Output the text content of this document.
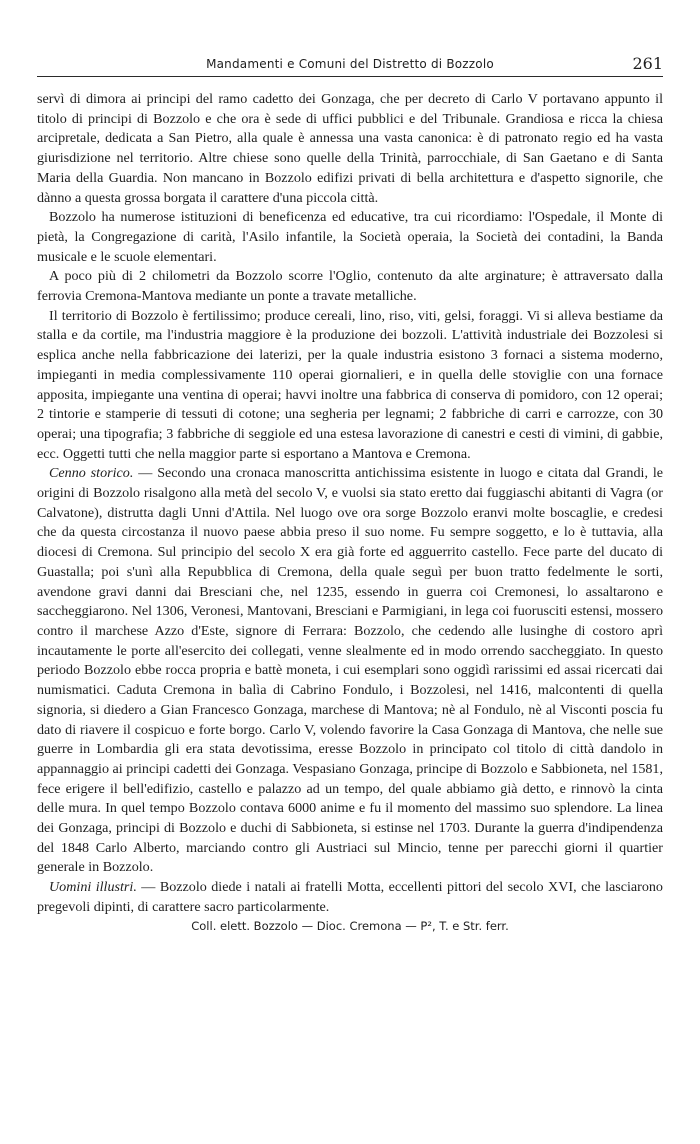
Mandamenti e Comuni del Distretto di Bozzolo	261

servì di dimora ai principi del ramo cadetto dei Gonzaga, che per decreto di Carlo V portavano appunto il titolo di principi di Bozzolo e che ora è sede di uffici pubblici e del Tribunale. Grandiosa e ricca la chiesa arcipretale, dedicata a San Pietro, alla quale è annessa una vasta canonica: è di patronato regio ed ha vasta giurisdizione nel territorio. Altre chiese sono quelle della Trinità, parrocchiale, di San Gaetano e di Santa Maria della Guardia. Non mancano in Bozzolo edifizi privati di bella architettura e d'aspetto signorile, che dànno a questa grossa borgata il carattere d'una piccola città.

Bozzolo ha numerose istituzioni di beneficenza ed educative, tra cui ricordiamo: l'Ospedale, il Monte di pietà, la Congregazione di carità, l'Asilo infantile, la Società operaia, la Società dei contadini, la Banda musicale e le scuole elementari.

A poco più di 2 chilometri da Bozzolo scorre l'Oglio, contenuto da alte arginature; è attraversato dalla ferrovia Cremona-Mantova mediante un ponte a travate metalliche.

Il territorio di Bozzolo è fertilissimo; produce cereali, lino, riso, viti, gelsi, foraggi. Vi si alleva bestiame da stalla e da cortile, ma l'industria maggiore è la produzione dei bozzoli. L'attività industriale dei Bozzolesi si esplica anche nella fabbricazione dei laterizi, per la quale industria esistono 3 fornaci a sistema moderno, impieganti in media complessivamente 110 operai giornalieri, e in quella delle stoviglie con una fornace apposita, impiegante una ventina di operai; havvi inoltre una fabbrica di conserva di pomidoro, con 12 operai; 2 tintorie e stamperie di tessuti di cotone; una segheria per legnami; 2 fabbriche di carri e carrozze, con 30 operai; una tipografia; 3 fabbriche di seggiole ed una estesa lavorazione di canestri e cesti di vimini, di gabbie, ecc. Oggetti tutti che nella maggior parte si esportano a Mantova e Cremona.

Cenno storico. — Secondo una cronaca manoscritta antichissima esistente in luogo e citata dal Grandi, le origini di Bozzolo risalgono alla metà del secolo V, e vuolsi sia stato eretto dai fuggiaschi abitanti di Vagra (or Calvatone), distrutta dagli Unni d'Attila. Nel luogo ove ora sorge Bozzolo eranvi molte boscaglie, e credesi che da questa circostanza il nuovo paese abbia preso il suo nome. Fu sempre soggetto, e lo è tuttavia, alla diocesi di Cremona. Sul principio del secolo X era già forte ed agguerrito castello. Fece parte del ducato di Guastalla; poi s'unì alla Repubblica di Cremona, della quale seguì per buon tratto fedelmente le sorti, avendone gravi danni dai Bresciani che, nel 1235, essendo in guerra coi Cremonesi, lo assaltarono e saccheggiarono. Nel 1306, Veronesi, Mantovani, Bresciani e Parmigiani, in lega coi fuorusciti estensi, mossero contro il marchese Azzo d'Este, signore di Ferrara: Bozzolo, che cedendo alle lusinghe di costoro aprì incautamente le porte all'esercito dei collegati, venne slealmente ed in modo orrendo saccheggiato. In questo periodo Bozzolo ebbe rocca propria e battè moneta, i cui esemplari sono oggidì rarissimi ed assai ricercati dai numismatici. Caduta Cremona in balìa di Cabrino Fondulo, i Bozzolesi, nel 1416, malcontenti di quella signoria, si diedero a Gian Francesco Gonzaga, marchese di Mantova; nè al Fondulo, nè al Visconti poscia fu dato di riavere il cospicuo e forte borgo. Carlo V, volendo favorire la Casa Gonzaga di Mantova, che nelle sue guerre in Lombardia gli era stata devotissima, eresse Bozzolo in principato col titolo di città dandolo in appannaggio ai principi cadetti dei Gonzaga. Vespasiano Gonzaga, principe di Bozzolo e Sabbioneta, nel 1581, fece erigere il bell'edifizio, castello e palazzo ad un tempo, del quale abbiamo già detto, e rinnovò la cinta delle mura. In quel tempo Bozzolo contava 6000 anime e fu il momento del massimo suo splendore. La linea dei Gonzaga, principi di Bozzolo e duchi di Sabbioneta, si estinse nel 1703. Durante la guerra d'indipendenza del 1848 Carlo Alberto, marciando contro gli Austriaci sul Mincio, tenne per parecchi giorni il quartier generale in Bozzolo.

Uomini illustri. — Bozzolo diede i natali ai fratelli Motta, eccellenti pittori del secolo XVI, che lasciarono pregevoli dipinti, di carattere sacro particolarmente.

Coll. elett. Bozzolo — Dioc. Cremona — P², T. e Str. ferr.
